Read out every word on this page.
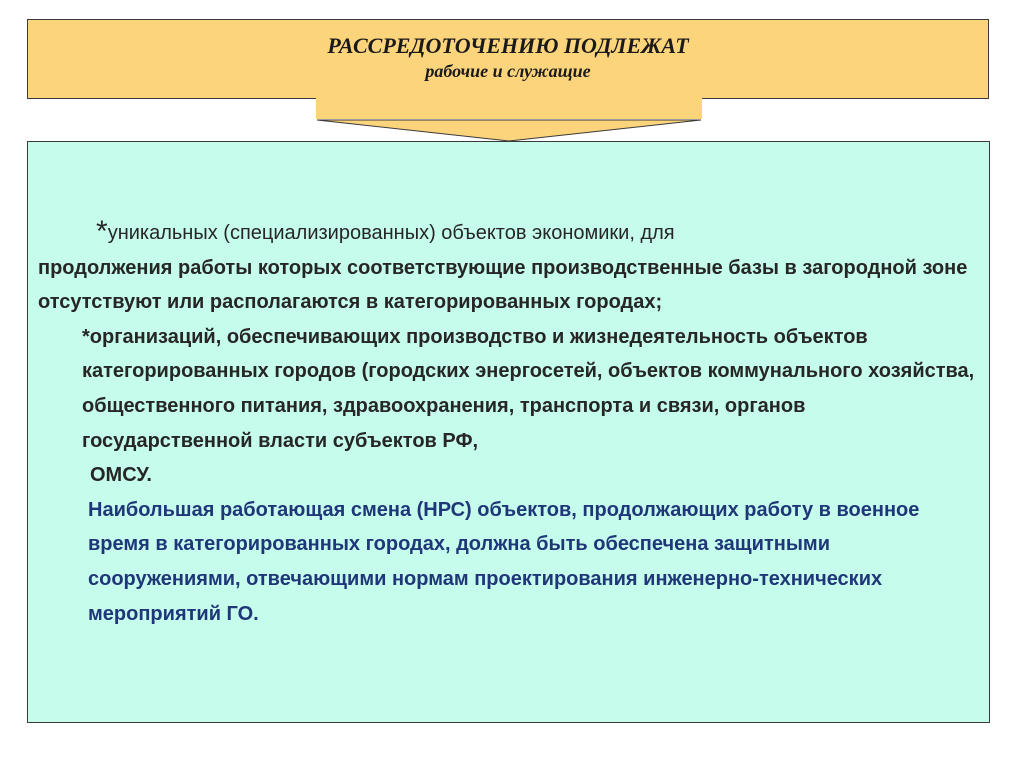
РАССРЕДОТОЧЕНИЮ ПОДЛЕЖАТ
рабочие и служащие

*уникальных (специализированных) объектов экономики, для

продолжения работы которых соответствующие производственные базы в загородной зоне отсутствуют или располагаются в категорированных городах;

*организаций, обеспечивающих производство и жизнедеятельность объектов категорированных городов (городских энергосетей, объектов коммунального хозяйства, общественного питания, здравоохранения, транспорта и связи, органов государственной власти субъектов РФ,
ОМСУ.

Наибольшая работающая смена (НРС) объектов, продолжающих работу в военное время в категорированных городах, должна быть обеспечена защитными сооружениями, отвечающими нормам проектирования инженерно-технических мероприятий ГО.
